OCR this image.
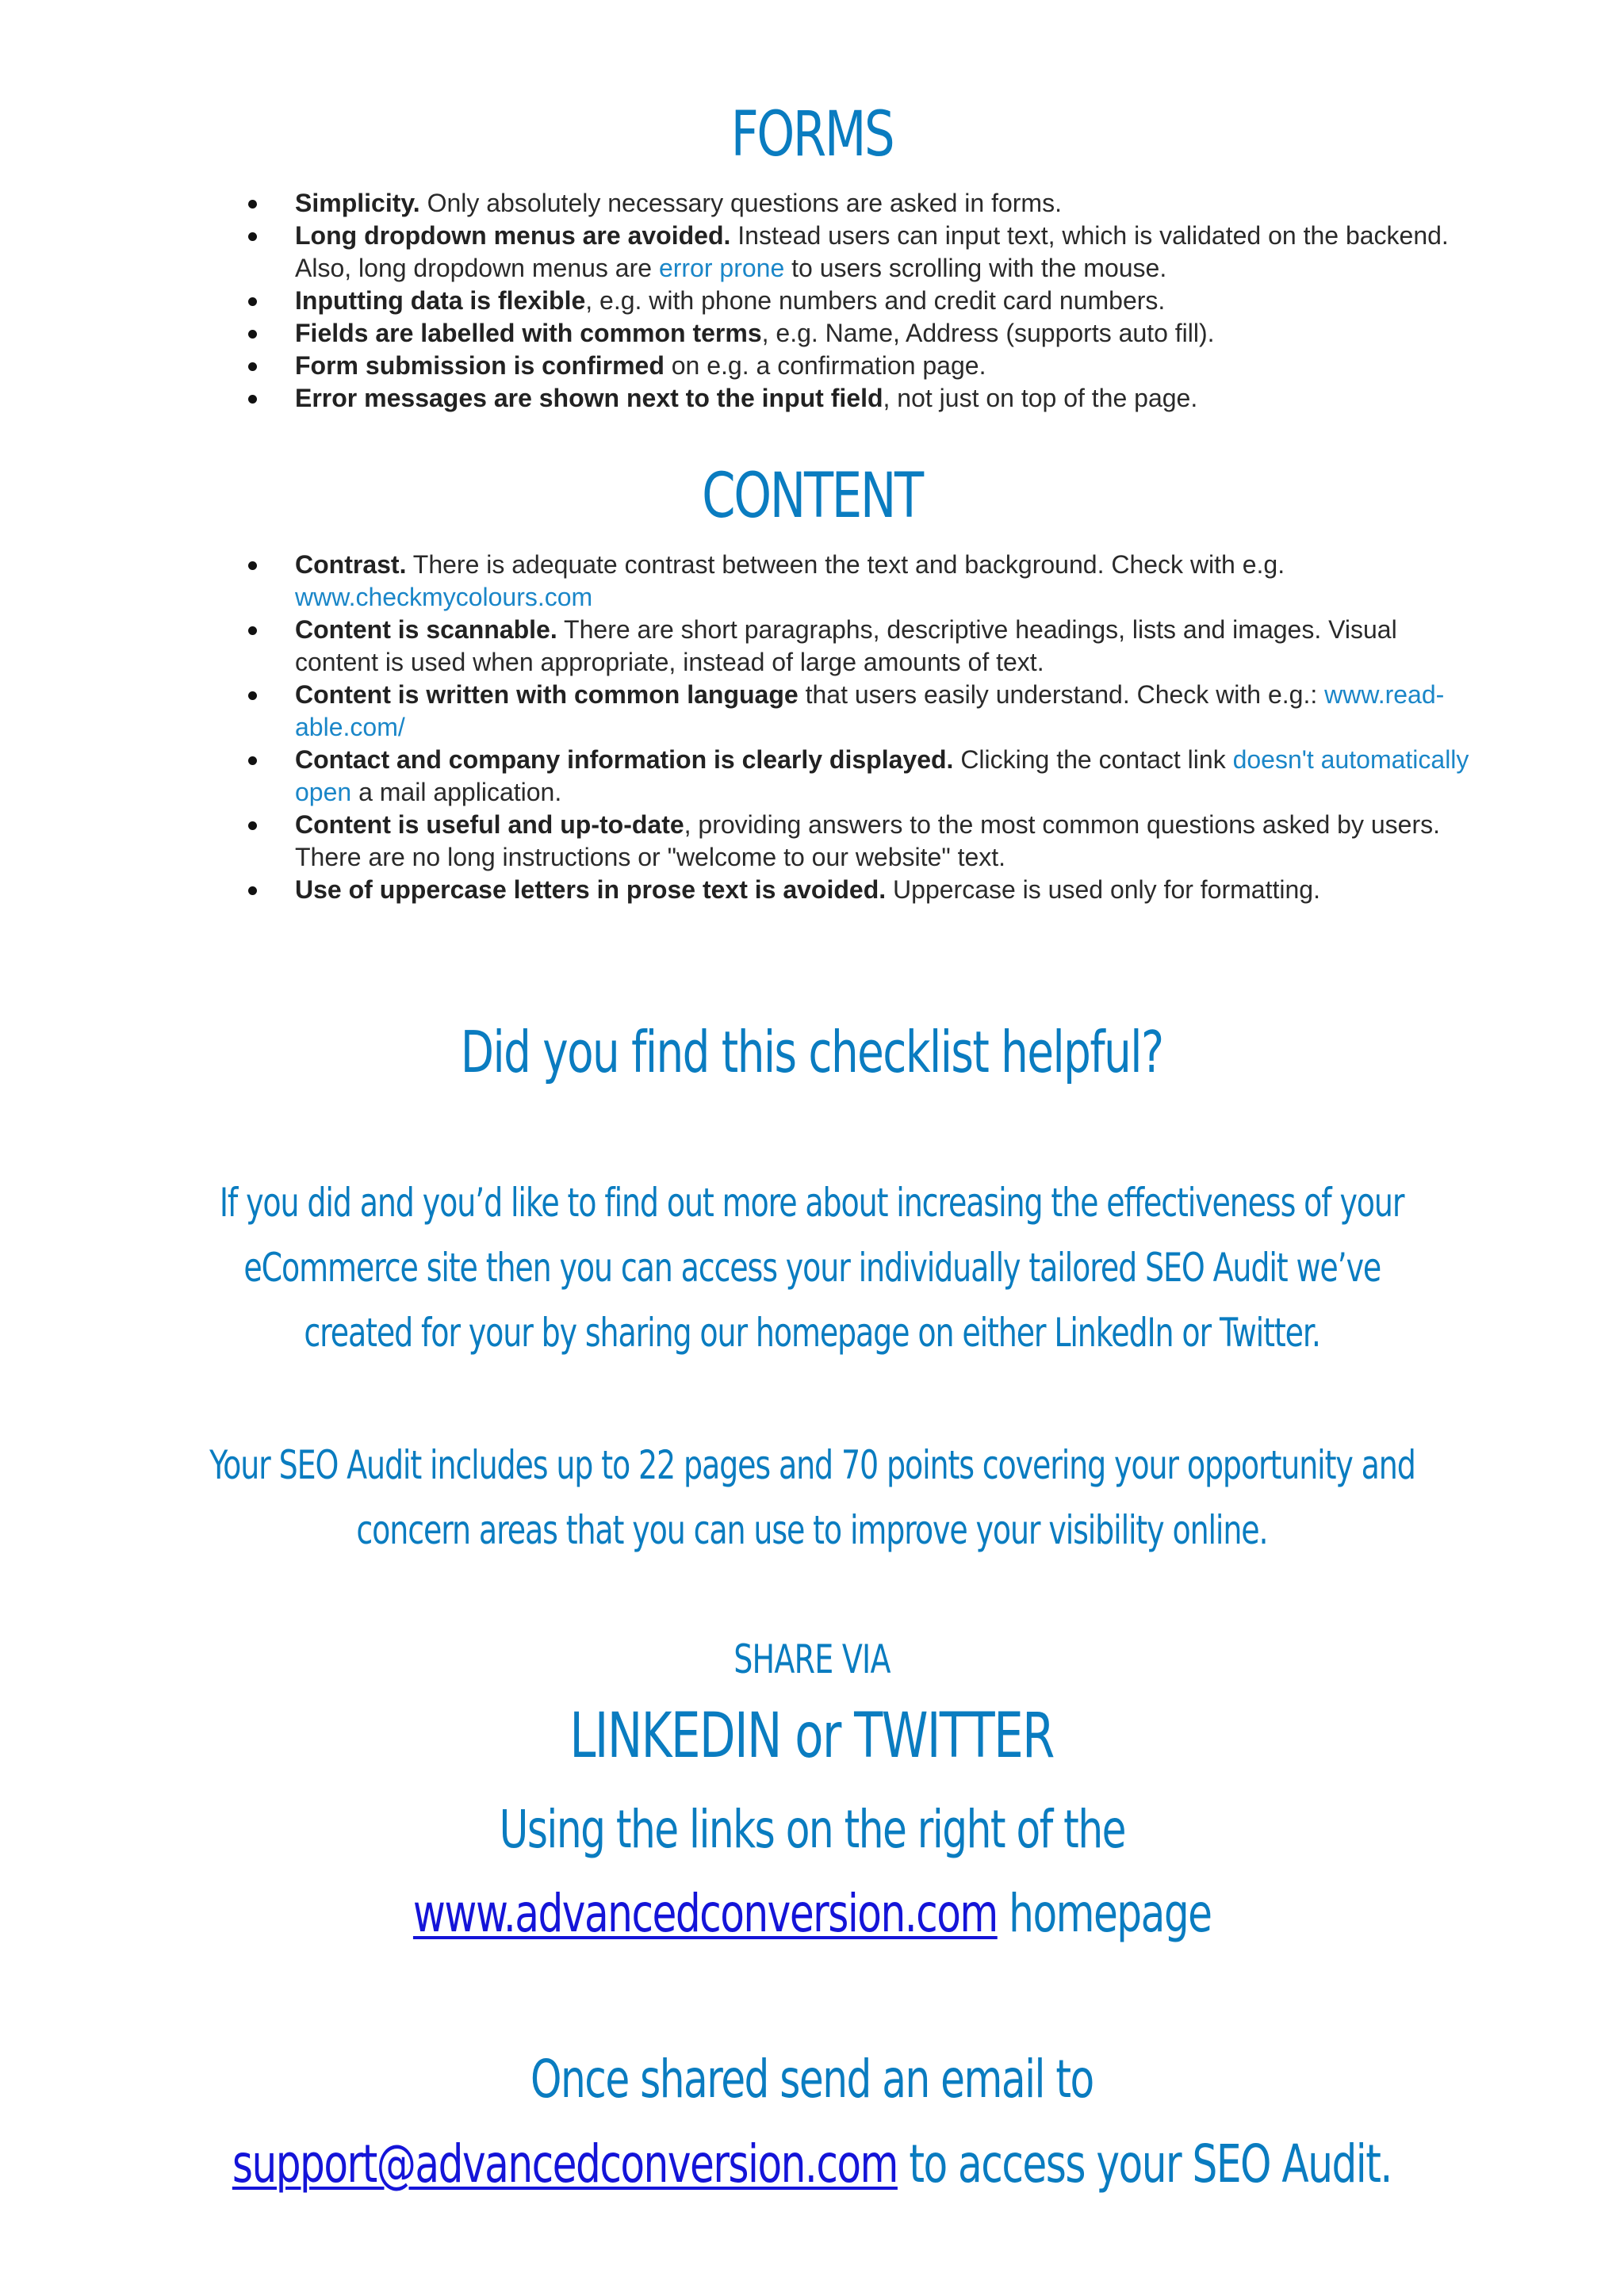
FORMS
Simplicity. Only absolutely necessary questions are asked in forms.
Long dropdown menus are avoided. Instead users can input text, which is validated on the backend. Also, long dropdown menus are error prone to users scrolling with the mouse.
Inputting data is flexible, e.g. with phone numbers and credit card numbers.
Fields are labelled with common terms, e.g. Name, Address (supports auto fill).
Form submission is confirmed on e.g. a confirmation page.
Error messages are shown next to the input field, not just on top of the page.
CONTENT
Contrast. There is adequate contrast between the text and background. Check with e.g. www.checkmycolours.com
Content is scannable. There are short paragraphs, descriptive headings, lists and images. Visual content is used when appropriate, instead of large amounts of text.
Content is written with common language that users easily understand. Check with e.g.: www.read-able.com/
Contact and company information is clearly displayed. Clicking the contact link doesn't automatically open a mail application.
Content is useful and up-to-date, providing answers to the most common questions asked by users. There are no long instructions or "welcome to our website" text.
Use of uppercase letters in prose text is avoided. Uppercase is used only for formatting.
Did you find this checklist helpful?
If you did and you’d like to find out more about increasing the effectiveness of your
eCommerce site then you can access your individually tailored SEO Audit we’ve
created for your by sharing our homepage on either LinkedIn or Twitter.
Your SEO Audit includes up to 22 pages and 70 points covering your opportunity and
concern areas that you can use to improve your visibility online.
SHARE VIA
LINKEDIN or TWITTER
Using the links on the right of the
www.advancedconversion.com homepage
Once shared send an email to
support@advancedconversion.com to access your SEO Audit.
